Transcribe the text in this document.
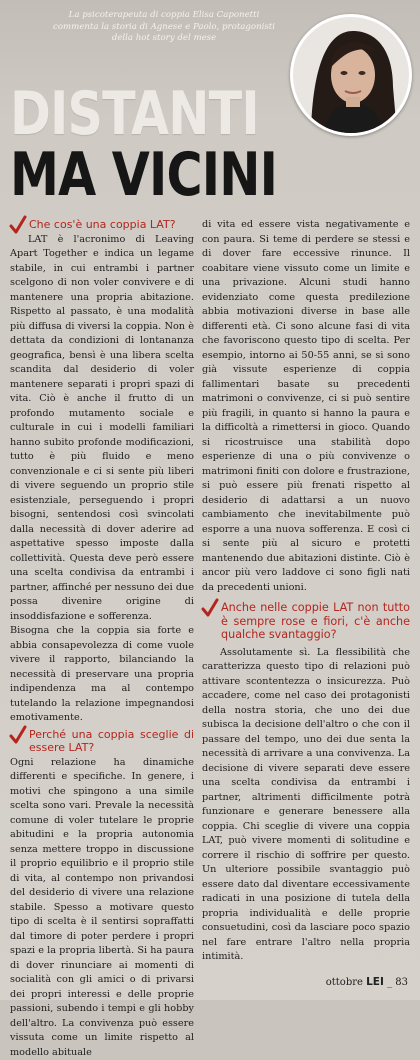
La psicoterapeuta di coppia Elisa Caponetti commenta la storia di Agnese e Paolo, protagonisti della hot story del mese
DISTANTI
MA VICINI
Che cos'è una coppia LAT?

LAT è l'acronimo di Leaving Apart Together e indica un legame stabile, in cui entrambi i partner scelgono di non voler convivere e di mantenere una propria abitazione. Rispetto al passato, è una modalità più diffusa di viversi la coppia. Non è dettata da condizioni di lontananza geografica, bensì è una libera scelta scandita dal desiderio di voler mantenere separati i propri spazi di vita. Ciò è anche il frutto di un profondo mutamento sociale e culturale in cui i modelli familiari hanno subito profonde modificazioni, tutto è più fluido e meno convenzionale e ci si sente più liberi di vivere seguendo un proprio stile esistenziale, perseguendo i propri bisogni, sentendosi così svincolati dalla necessità di dover aderire ad aspettative spesso imposte dalla collettività. Questa deve però essere una scelta condivisa da entrambi i partner, affinché per nessuno dei due possa divenire origine di insoddisfazione e sofferenza.

Bisogna che la coppia sia forte e abbia consapevolezza di come vuole vivere il rapporto, bilanciando la necessità di preservare una propria indipendenza ma al contempo tutelando la relazione impegnandosi emotivamente.

Perché una coppia sceglie di essere LAT?

Ogni relazione ha dinamiche differenti e specifiche. In genere, i motivi che spingono a una simile scelta sono vari. Prevale la necessità comune di voler tutelare le proprie abitudini e la propria autonomia senza mettere troppo in discussione il proprio equilibrio e il proprio stile di vita, al contempo non privandosi del desiderio di vivere una relazione stabile. Spesso a motivare questo tipo di scelta è il sentirsi sopraffatti dal timore di poter perdere i propri spazi e la propria libertà. Si ha paura di dover rinunciare ai momenti di socialità con gli amici o di privarsi dei propri interessi e delle proprie passioni, subendo i tempi e gli hobby dell'altro. La convivenza può essere vissuta come un limite rispetto al modello abituale

di vita ed essere vista negativamente e con paura. Si teme di perdere se stessi e di dover fare eccessive rinunce. Il coabitare viene vissuto come un limite e una privazione. Alcuni studi hanno evidenziato come questa predilezione abbia motivazioni diverse in base alle differenti età. Ci sono alcune fasi di vita che favoriscono questo tipo di scelta. Per esempio, intorno ai 50-55 anni, se si sono già vissute esperienze di coppia fallimentari basate su precedenti matrimoni o convivenze, ci si può sentire più fragili, in quanto si hanno la paura e la difficoltà a rimettersi in gioco. Quando si ricostruisce una stabilità dopo esperienze di una o più convivenze o matrimoni finiti con dolore e frustrazione, si può essere più frenati rispetto al desiderio di adattarsi a un nuovo cambiamento che inevitabilmente può esporre a una nuova sofferenza. E così ci si sente più al sicuro e protetti mantenendo due abitazioni distinte. Ciò è ancor più vero laddove ci sono figli nati da precedenti unioni.

Anche nelle coppie LAT non tutto è sempre rose e fiori, c'è anche qualche svantaggio?

Assolutamente sì. La flessibilità che caratterizza questo tipo di relazioni può attivare scontentezza o insicurezza. Può accadere, come nel caso dei protagonisti della nostra storia, che uno dei due subisca la decisione dell'altro o che con il passare del tempo, uno dei due senta la necessità di arrivare a una convivenza. La decisione di vivere separati deve essere una scelta condivisa da entrambi i partner, altrimenti difficilmente potrà funzionare e generare benessere alla coppia. Chi sceglie di vivere una coppia LAT, può vivere momenti di solitudine e correre il rischio di soffrire per questo. Un ulteriore possibile svantaggio può essere dato dal diventare eccessivamente radicati in una posizione di tutela della propria individualità e delle proprie consuetudini, così da lasciare poco spazio nel fare entrare l'altro nella propria intimità.

ottobre LEI _ 83
